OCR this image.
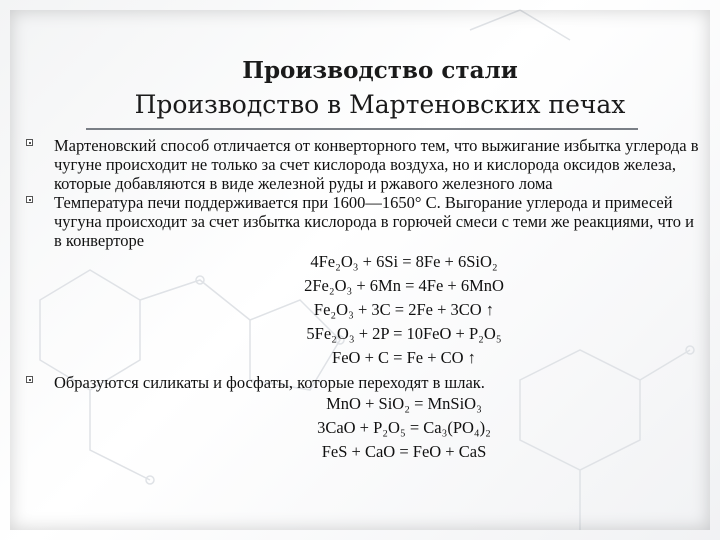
Производство стали
Производство в Мартеновских печах
Мартеновский способ отличается от конверторного тем, что выжигание избытка углерода в чугуне происходит не только за счет кислорода воздуха, но и кислорода оксидов железа, которые добавляются в виде железной руды и ржавого железного лома
Температура печи поддерживается при 1600—1650° С. Выгорание углерода и примесей чугуна происходит за счет избытка кислорода в горючей смеси с теми же реакциями, что и в конверторе
4Fe₂O₃ + 6Si = 8Fe + 6SiO₂
2Fe₂O₃ + 6Mn = 4Fe + 6MnO
Fe₂O₃ + 3C = 2Fe + 3CO ↑
5Fe₂O₃ + 2P = 10FeO + P₂O₅
FeO + C = Fe + CO ↑
Образуются силикаты и фосфаты, которые переходят в шлак.
MnO + SiO₂ = MnSiO₃
3CaO + P₂O₅ = Ca₃(PO₄)₂
FeS + CaO = FeO + CaS
